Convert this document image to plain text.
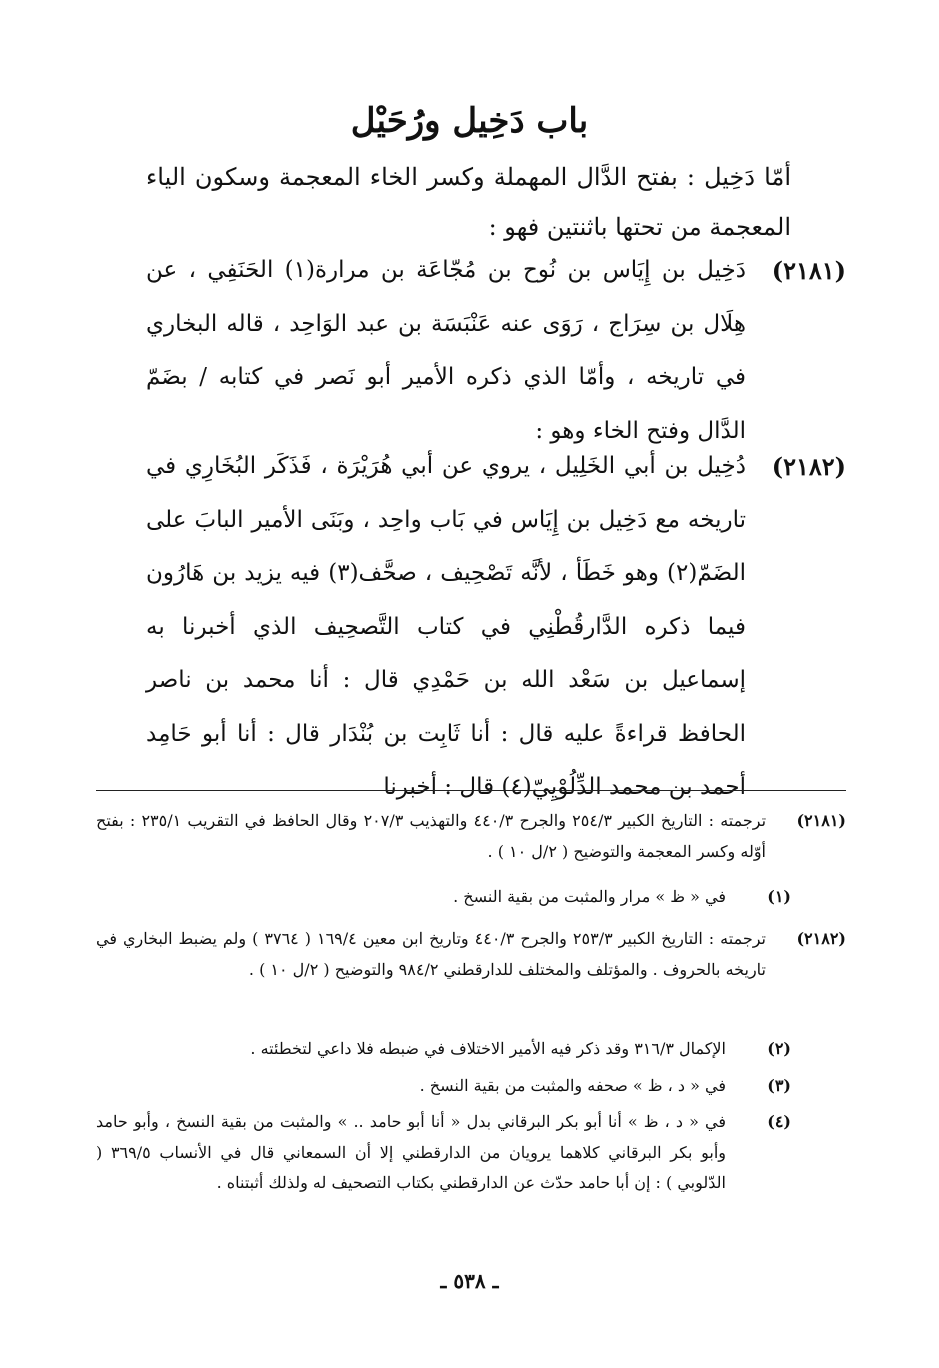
باب دَخِيل ورُحَيْل
أمّا دَخِيل : بفتح الدَّال المهملة وكسر الخاء المعجمة وسكون الياء المعجمة من تحتها باثنتين فهو :
(٢١٨١)
دَخِيل بن إِيَاس بن نُوح بن مُجّاعَة بن مرارة(١) الحَنَفِي ، عن هِلَال بن سِرَاج ، رَوَى عنه عَنْبَسَة بن عبد الوَاحِد ، قاله البخاري في تاريخه ، وأمّا الذي ذكره الأمير أبو نَصر في كتابه / بضَمّ الدَّال وفتح الخاء وهو :
(٢١٨٢)
دُخِيل بن أبي الخَلِيل ، يروي عن أبي هُرَيْرَة ، فَذَكَر البُخَارِي في تاريخه مع دَخِيل بن إِيَاس في بَاب واحِد ، وبَنَى الأمير البابَ على الضَمّ(٢) وهو خَطَأ ، لأنَّه تَصْحِيف ، صحَّف(٣) فيه يزيد بن هَارُون فيما ذكره الدَّارقُطْنِي في كتاب التَّصحِيف الذي أخبرنا به إسماعيل بن سَعْد الله بن حَمْدِي قال : أنا محمد بن ناصر الحافظ قراءةً عليه قال : أنا ثَابِت بن بُنْدَار قال : أنا أبو حَامِد أحمد بن محمد الدِّلُوْيِيّ(٤) قال : أخبرنا
(٢١٨١)
ترجمته : التاريخ الكبير ٢٥٤/٣ والجرح ٤٤٠/٣ والتهذيب ٢٠٧/٣ وقال الحافظ في التقريب ٢٣٥/١ : بفتح أوّله وكسر المعجمة والتوضيح ( ٢/ل ١٠ ) .
(١)
في « ظ » مرار والمثبت من بقية النسخ .
(٢١٨٢)
ترجمته : التاريخ الكبير ٢٥٣/٣ والجرح ٤٤٠/٣ وتاريخ ابن معين ١٦٩/٤ ( ٣٧٦٤ ) ولم يضبط البخاري في تاريخه بالحروف . والمؤتلف والمختلف للدارقطني ٩٨٤/٢ والتوضيح ( ٢/ل ١٠ ) .
(٢)
الإكمال ٣١٦/٣ وقد ذكر فيه الأمير الاختلاف في ضبطه فلا داعي لتخطئته .
(٣)
في « د ، ظ » صحفه والمثبت من بقية النسخ .
(٤)
في « د ، ظ » أنا أبو بكر البرقاني بدل « أنا أبو حامد .. » والمثبت من بقية النسخ ، وأبو حامد وأبو بكر البرقاني كلاهما يرويان من الدارقطني إلا أن السمعاني قال في الأنساب ٣٦٩/٥ ( الدّلوبي ) : إن أبا حامد حدّث عن الدارقطني بكتاب التصحيف له ولذلك أثبتناه .
ـ ٥٣٨ ـ
